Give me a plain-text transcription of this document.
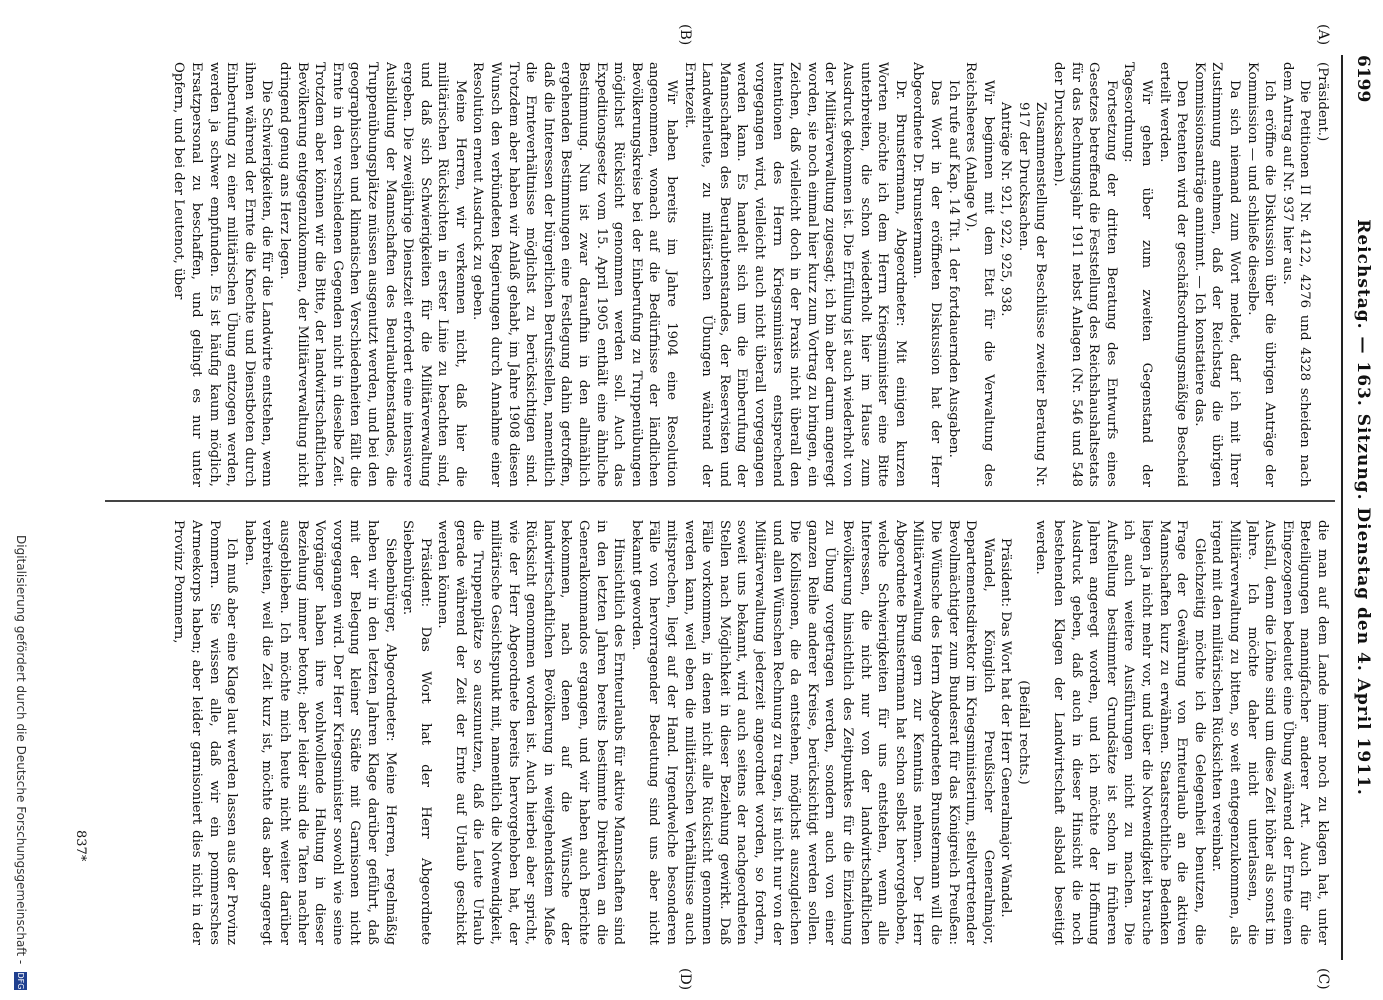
6199
Reichstag. — 163. Sitzung. Dienstag den 4. April 1911.
(A)
(B)
(C)
(D)

(Präsident.)

Die Petitionen II Nr. 4122, 4276 und 4328 scheiden nach dem Antrag auf Nr. 937 hier aus.

Ich eröffne die Diskussion über die übrigen Anträge der Kommission — und schließe dieselbe.

Da sich niemand zum Wort meldet, darf ich mit Ihrer Zustimmung annehmen, daß der Reichstag die übrigen Kommissionsanträge annimmt. — Ich konstatiere das.

Den Petenten wird der geschäftsordnungsmäßige Bescheid erteilt werden.

Wir gehen über zum zweiten Gegenstand der Tagesordnung:

Fortsetzung der dritten Beratung des Entwurfs eines Gesetzes betreffend die Feststellung des Reichshaushaltsetats für das Rechnungsjahr 1911 nebst Anlagen (Nr. 546 und 548 der Drucksachen).

Zusammenstellung der Beschlüsse zweiter Beratung Nr. 917 der Drucksachen.

Anträge Nr. 921, 922, 925, 938.

Wir beginnen mit dem Etat für die Verwaltung des Reichsheeres (Anlage V).

Ich rufe auf Kap. 14 Tit. 1 der fortdauernden Ausgaben.

Das Wort in der eröffneten Diskussion hat der Herr Abgeordnete Dr. Brunstermann.

Dr. Brunstermann, Abgeordneter: Mit einigen kurzen Worten möchte ich dem Herrn Kriegsminister eine Bitte unterbreiten, die schon wiederholt hier im Hause zum Ausdruck gekommen ist. Die Erfüllung ist auch wiederholt von der Militärverwaltung zugesagt; ich bin aber darum angeregt worden, sie noch einmal hier kurz zum Vortrag zu bringen, ein Zeichen, daß vielleicht doch in der Praxis nicht überall den Intentionen des Herrn Kriegsministers entsprechend vorgegangen wird, vielleicht auch nicht überall vorgegangen werden kann. Es handelt sich um die Einberufung der Mannschaften des Beurlaubtenstandes, der Reservisten und Landwehrleute, zu militärischen Übungen während der Erntezeit.

Wir haben bereits im Jahre 1904 eine Resolution angenommen, wonach auf die Bedürfnisse der ländlichen Bevölkerungskreise bei der Einberufung zu Truppenübungen möglichst Rücksicht genommen werden soll. Auch das Expeditionsgesetz vom 15. April 1905 enthält eine ähnliche Bestimmung. Nun ist zwar daraufhin in den allmählich ergehenden Bestimmungen eine Festlegung dahin getroffen, daß die Interessen der bürgerlichen Berufsstellen, namentlich die Ernteverhältnisse möglichst zu berücksichtigen sind. Trotzdem aber haben wir Anlaß gehabt, im Jahre 1908 diesen Wunsch den verbündeten Regierungen durch Annahme einer Resolution erneut Ausdruck zu geben.

Meine Herren, wir verkennen nicht, daß hier die militärischen Rücksichten in erster Linie zu beachten sind, und daß sich Schwierigkeiten für die Militärverwaltung ergeben. Die zweijährige Dienstzeit erfordert eine intensivere Ausbildung der Mannschaften des Beurlaubtenstandes, die Truppenübungsplätze müssen ausgenutzt werden, und bei den geographischen und klimatischen Verschiedenheiten fällt die Ernte in den verschiedenen Gegenden nicht in dieselbe Zeit. Trotzdem aber können wir die Bitte, der landwirtschaftlichen Bevölkerung entgegenzukommen, der Militärverwaltung nicht dringend genug ans Herz legen.

Die Schwierigkeiten, die für die Landwirte entstehen, wenn ihnen während der Ernte die Knechte und Dienstboten durch Einberufung zu einer militärischen Übung entzogen werden, werden ja schwer empfunden. Es ist häufig kaum möglich, Ersatzpersonal zu beschaffen, und gelingt es nur unter Opfern, und bei der Leutenot, über

die man auf dem Lande immer noch zu klagen hat, unter Beteiligungen mannigfacher anderer Art. Auch für die Eingezogenen bedeutet eine Übung während der Ernte einen Ausfall, denn die Löhne sind um diese Zeit höher als sonst im Jahre. Ich möchte daher nicht unterlassen, die Militärverwaltung zu bitten, so weit entgegenzukommen, als irgend mit den militärischen Rücksichten vereinbar.

Gleichzeitig möchte ich die Gelegenheit benutzen, die Frage der Gewährung von Ernteurlaub an die aktiven Mannschaften kurz zu erwähnen. Staatsrechtliche Bedenken liegen ja nicht mehr vor, und über die Notwendigkeit brauche ich auch weitere Ausführungen nicht zu machen. Die Aufstellung bestimmter Grundsätze ist schon in früheren Jahren angeregt worden, und ich möchte der Hoffnung Ausdruck geben, daß auch in dieser Hinsicht die noch bestehenden Klagen der Landwirtschaft alsbald beseitigt werden.

(Beifall rechts.)

Präsident: Das Wort hat der Herr Generalmajor Wandel.

Wandel, Königlich Preußischer Generalmajor, Departementsdirektor im Kriegsministerium, stellvertretender Bevollmächtigter zum Bundesrat für das Königreich Preußen: Die Wünsche des Herrn Abgeordneten Brunstermann will die Militärverwaltung gern zur Kenntnis nehmen. Der Herr Abgeordnete Brunstermann hat schon selbst hervorgehoben, welche Schwierigkeiten für uns entstehen, wenn alle Interessen, die nicht nur von der landwirtschaftlichen Bevölkerung hinsichtlich des Zeitpunktes für die Einziehung zu Übung vorgetragen werden, sondern auch von einer ganzen Reihe anderer Kreise, berücksichtigt werden sollen. Die Kollisionen, die da entstehen, möglichst auszugleichen und allen Wünschen Rechnung zu tragen, ist nicht nur von der Militärverwaltung jederzeit angeordnet worden, so fordern, soweit uns bekannt, wird auch seitens der nachgeordneten Stellen nach Möglichkeit in dieser Beziehung gewirkt. Daß Fälle vorkommen, in denen nicht alle Rücksicht genommen werden kann, weil eben die militärischen Verhältnisse auch mitsprechen, liegt auf der Hand. Irgendwelche besonderen Fälle von hervorragender Bedeutung sind uns aber nicht bekannt geworden.

Hinsichtlich des Ernteurlaubs für aktive Mannschaften sind in den letzten Jahren bereits bestimmte Direktiven an die Generalkommandos ergangen, und wir haben auch Berichte bekommen, nach denen auf die Wünsche der landwirtschaftlichen Bevölkerung in weitgehendstem Maße Rücksicht genommen worden ist. Auch hierbei aber spricht, wie der Herr Abgeordnete bereits hervorgehoben hat, der militärische Gesichtspunkt mit, namentlich die Notwendigkeit, die Truppenplätze so auszunutzen, daß die Leute Urlaub gerade während der Zeit der Ernte auf Urlaub geschickt werden können.

Präsident: Das Wort hat der Herr Abgeordnete Siebenbürger.

Siebenbürger, Abgeordneter: Meine Herren, regelmäßig haben wir in den letzten Jahren Klage darüber geführt, daß mit der Belegung kleiner Städte mit Garnisonen nicht vorgegangen wird. Der Herr Kriegsminister sowohl wie seine Vorgänger haben ihre wohlwollende Haltung in dieser Beziehung immer betont; aber leider sind die Taten nachher ausgeblieben. Ich möchte mich heute nicht weiter darüber verbreiten, weil die Zeit kurz ist, möchte das aber angeregt haben.

Ich muß aber eine Klage laut werden lassen aus der Provinz Pommern. Sie wissen alle, daß wir ein pommersches Armeekorps haben; aber leider garnisoniert dies nicht in der Provinz Pommern,

837*
Digitalisierung gefördert durch die Deutsche Forschungsgemeinschaft - DFG
